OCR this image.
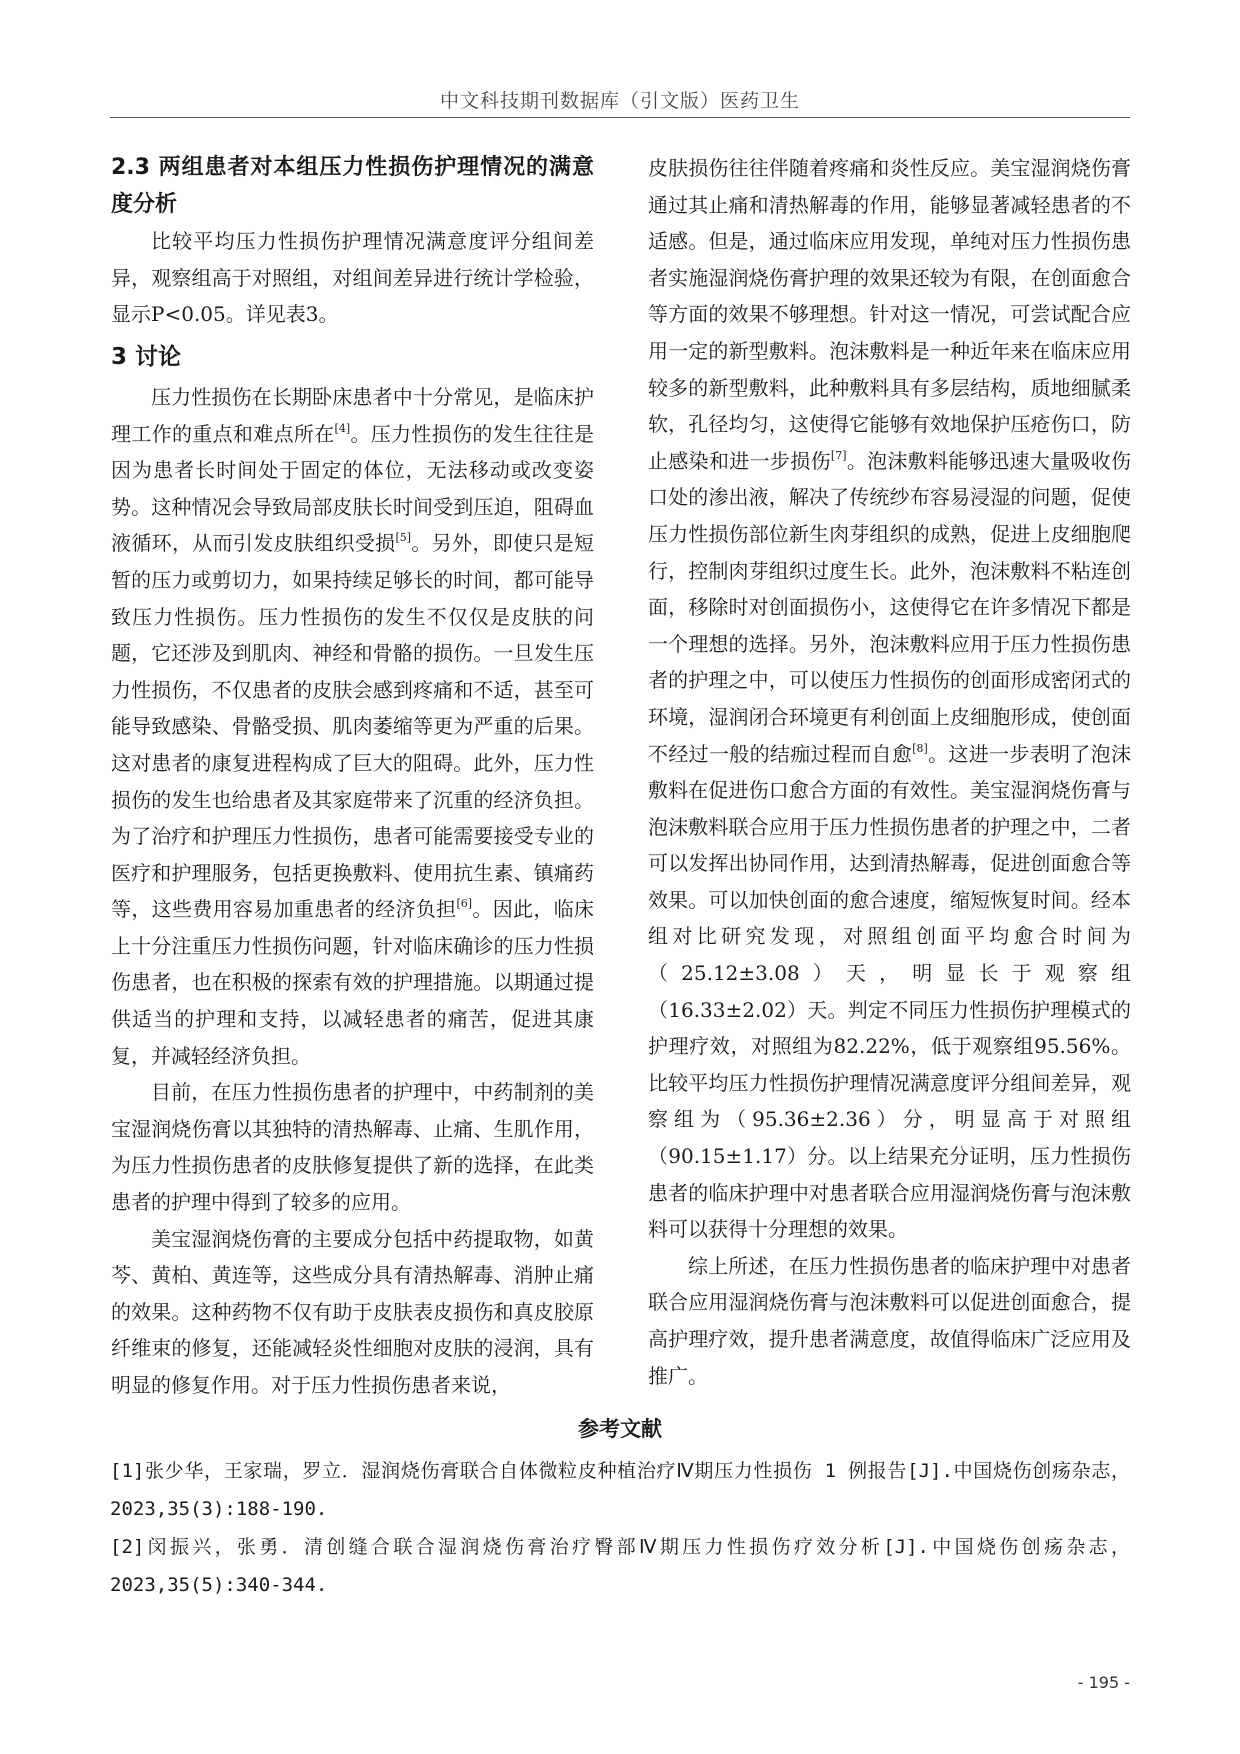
中文科技期刊数据库（引文版）医药卫生
2.3 两组患者对本组压力性损伤护理情况的满意度分析

比较平均压力性损伤护理情况满意度评分组间差异，观察组高于对照组，对组间差异进行统计学检验，显示P<0.05。详见表3。

3 讨论

压力性损伤在长期卧床患者中十分常见，是临床护理工作的重点和难点所在[4]。压力性损伤的发生往往是因为患者长时间处于固定的体位，无法移动或改变姿势。这种情况会导致局部皮肤长时间受到压迫，阻碍血液循环，从而引发皮肤组织受损[5]。另外，即使只是短暂的压力或剪切力，如果持续足够长的时间，都可能导致压力性损伤。压力性损伤的发生不仅仅是皮肤的问题，它还涉及到肌肉、神经和骨骼的损伤。一旦发生压力性损伤，不仅患者的皮肤会感到疼痛和不适，甚至可能导致感染、骨骼受损、肌肉萎缩等更为严重的后果。这对患者的康复进程构成了巨大的阻碍。此外，压力性损伤的发生也给患者及其家庭带来了沉重的经济负担。为了治疗和护理压力性损伤，患者可能需要接受专业的医疗和护理服务，包括更换敷料、使用抗生素、镇痛药等，这些费用容易加重患者的经济负担[6]。因此，临床上十分注重压力性损伤问题，针对临床确诊的压力性损伤患者，也在积极的探索有效的护理措施。以期通过提供适当的护理和支持，以减轻患者的痛苦，促进其康复，并减轻经济负担。

目前，在压力性损伤患者的护理中，中药制剂的美宝湿润烧伤膏以其独特的清热解毒、止痛、生肌作用，为压力性损伤患者的皮肤修复提供了新的选择，在此类患者的护理中得到了较多的应用。

美宝湿润烧伤膏的主要成分包括中药提取物，如黄芩、黄柏、黄连等，这些成分具有清热解毒、消肿止痛的效果。这种药物不仅有助于皮肤表皮损伤和真皮胶原纤维束的修复，还能减轻炎性细胞对皮肤的浸润，具有明显的修复作用。对于压力性损伤患者来说，

皮肤损伤往往伴随着疼痛和炎性反应。美宝湿润烧伤膏通过其止痛和清热解毒的作用，能够显著减轻患者的不适感。但是，通过临床应用发现，单纯对压力性损伤患者实施湿润烧伤膏护理的效果还较为有限，在创面愈合等方面的效果不够理想。针对这一情况，可尝试配合应用一定的新型敷料。泡沫敷料是一种近年来在临床应用较多的新型敷料，此种敷料具有多层结构，质地细腻柔软，孔径均匀，这使得它能够有效地保护压疮伤口，防止感染和进一步损伤[7]。泡沫敷料能够迅速大量吸收伤口处的渗出液，解决了传统纱布容易浸湿的问题，促使压力性损伤部位新生肉芽组织的成熟，促进上皮细胞爬行，控制肉芽组织过度生长。此外，泡沫敷料不粘连创面，移除时对创面损伤小，这使得它在许多情况下都是一个理想的选择。另外，泡沫敷料应用于压力性损伤患者的护理之中，可以使压力性损伤的创面形成密闭式的环境，湿润闭合环境更有利创面上皮细胞形成，使创面不经过一般的结痂过程而自愈[8]。这进一步表明了泡沫敷料在促进伤口愈合方面的有效性。美宝湿润烧伤膏与泡沫敷料联合应用于压力性损伤患者的护理之中，二者可以发挥出协同作用，达到清热解毒，促进创面愈合等效果。可以加快创面的愈合速度，缩短恢复时间。经本组对比研究发现，对照组创面平均愈合时间为（25.12±3.08）天，明显长于观察组（16.33±2.02）天。判定不同压力性损伤护理模式的护理疗效，对照组为82.22%，低于观察组95.56%。比较平均压力性损伤护理情况满意度评分组间差异，观察组为（95.36±2.36）分，明显高于对照组（90.15±1.17）分。以上结果充分证明，压力性损伤患者的临床护理中对患者联合应用湿润烧伤膏与泡沫敷料可以获得十分理想的效果。

综上所述，在压力性损伤患者的临床护理中对患者联合应用湿润烧伤膏与泡沫敷料可以促进创面愈合，提高护理疗效，提升患者满意度，故值得临床广泛应用及推广。

参考文献
[1]张少华，王家瑞，罗立．湿润烧伤膏联合自体微粒皮种植治疗Ⅳ期压力性损伤 1 例报告[J].中国烧伤创疡杂志，2023,35(3):188-190.
[2]闵振兴，张勇．清创缝合联合湿润烧伤膏治疗臀部Ⅳ期压力性损伤疗效分析[J].中国烧伤创疡杂志，2023,35(5):340-344.
- 195 -
